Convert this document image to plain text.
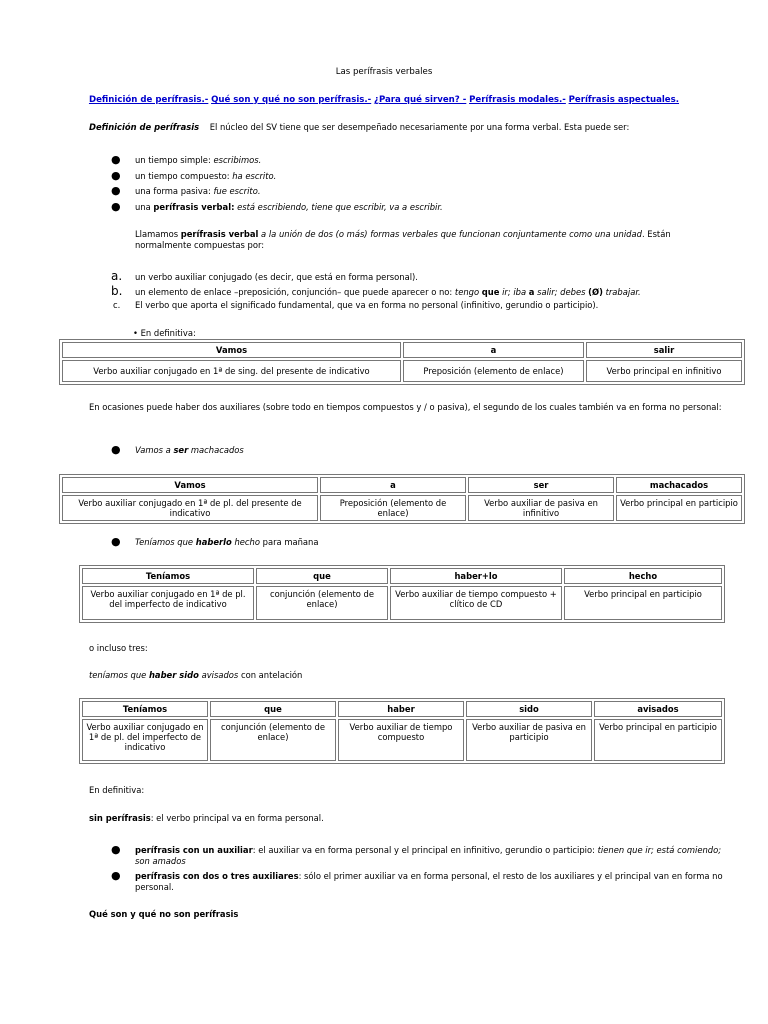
Las perífrasis verbales
Definición de perífrasis.- Qué son y qué no son perífrasis.- ¿Para qué sirven? - Perífrasis modales.- Perífrasis aspectuales.
Definición de perífrasis El núcleo del SV tiene que ser desempeñado necesariamente por una forma verbal. Esta puede ser:
● un tiempo simple: escribimos.
● un tiempo compuesto: ha escrito.
● una forma pasiva: fue escrito.
● una perífrasis verbal: está escribiendo, tiene que escribir, va a escribir.
Llamamos perífrasis verbal a la unión de dos (o más) formas verbales que funcionan conjuntamente como una unidad. Están normalmente compuestas por:
a. un verbo auxiliar conjugado (es decir, que está en forma personal).
b. un elemento de enlace –preposición, conjunción– que puede aparecer o no: tengo que ir; iba a salir; debes (Ø) trabajar.
c. El verbo que aporta el significado fundamental, que va en forma no personal (infinitivo, gerundio o participio).
• En definitiva:
Vamos	a	salir
Verbo auxiliar conjugado en 1ª de sing. del presente de indicativo	Preposición (elemento de enlace)	Verbo principal en infinitivo
En ocasiones puede haber dos auxiliares (sobre todo en tiempos compuestos y / o pasiva), el segundo de los cuales también va en forma no personal:
● Vamos a ser machacados
Vamos	a	ser	machacados
Verbo auxiliar conjugado en 1ª de pl. del presente de indicativo	Preposición (elemento de enlace)	Verbo auxiliar de pasiva en infinitivo	Verbo principal en participio
● Teníamos que haberlo hecho para mañana
Teníamos	que	haber+lo	hecho
Verbo auxiliar conjugado en 1ª de pl. del imperfecto de indicativo	conjunción (elemento de enlace)	Verbo auxiliar de tiempo compuesto + clítico de CD	Verbo principal en participio
o incluso tres:
teníamos que haber sido avisados con antelación
Teníamos	que	haber	sido	avisados
Verbo auxiliar conjugado en 1ª de pl. del imperfecto de indicativo	conjunción (elemento de enlace)	Verbo auxiliar de tiempo compuesto	Verbo auxiliar de pasiva en participio	Verbo principal en participio
En definitiva:
sin perífrasis: el verbo principal va en forma personal.
● perífrasis con un auxiliar: el auxiliar va en forma personal y el principal en infinitivo, gerundio o participio: tienen que ir; está comiendo; son amados
● perífrasis con dos o tres auxiliares: sólo el primer auxiliar va en forma personal, el resto de los auxiliares y el principal van en forma no personal.
Qué son y qué no son perífrasis
